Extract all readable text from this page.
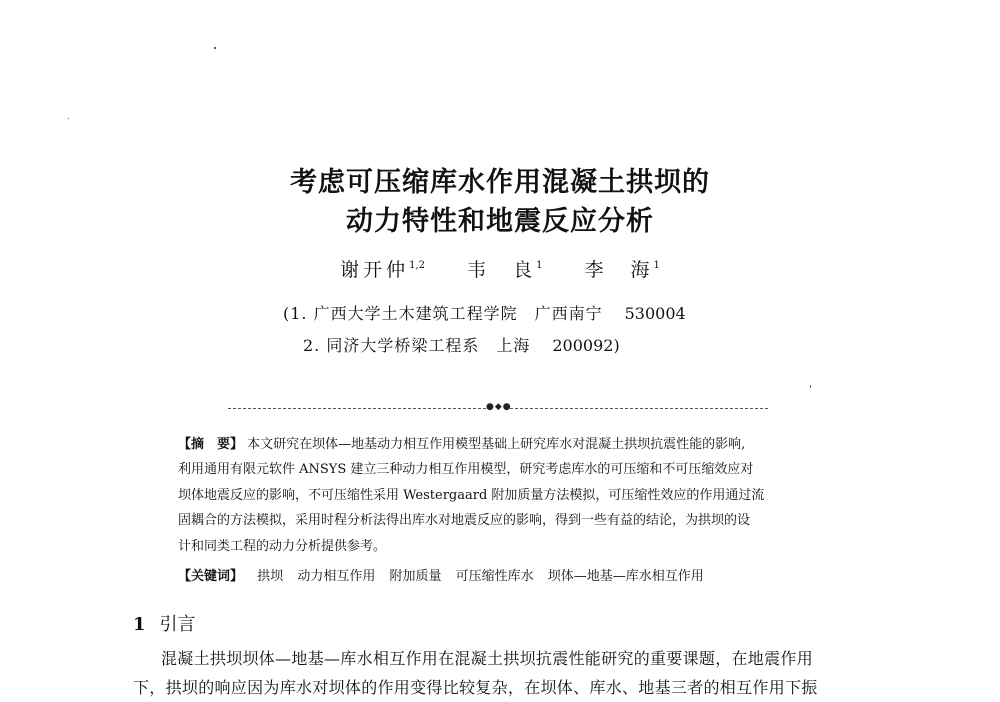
考虑可压缩库水作用混凝土拱坝的
动力特性和地震反应分析
谢开仲$^{1,2}$ 韦　良$^1$ 李　海$^1$
(1. 广西大学土木建筑工程学院　广西南宁 530004
2. 同济大学桥梁工程系　上海 200092)
●◆●
【摘　要】 本文研究在坝体—地基动力相互作用模型基础上研究库水对混凝土拱坝抗震性能的影响,
利用通用有限元软件 ANSYS 建立三种动力相互作用模型，研究考虑库水的可压缩和不可压缩效应对
坝体地震反应的影响，不可压缩性采用 Westergaard 附加质量方法模拟，可压缩性效应的作用通过流
固耦合的方法模拟，采用时程分析法得出库水对地震反应的影响，得到一些有益的结论，为拱坝的设
计和同类工程的动力分析提供参考。
【关键词】 拱坝 动力相互作用 附加质量 可压缩性库水 坝体—地基—库水相互作用
1 引言
混凝土拱坝坝体—地基—库水相互作用在混凝土拱坝抗震性能研究的重要课题，在地震作用
下，拱坝的响应因为库水对坝体的作用变得比较复杂，在坝体、库水、地基三者的相互作用下振
